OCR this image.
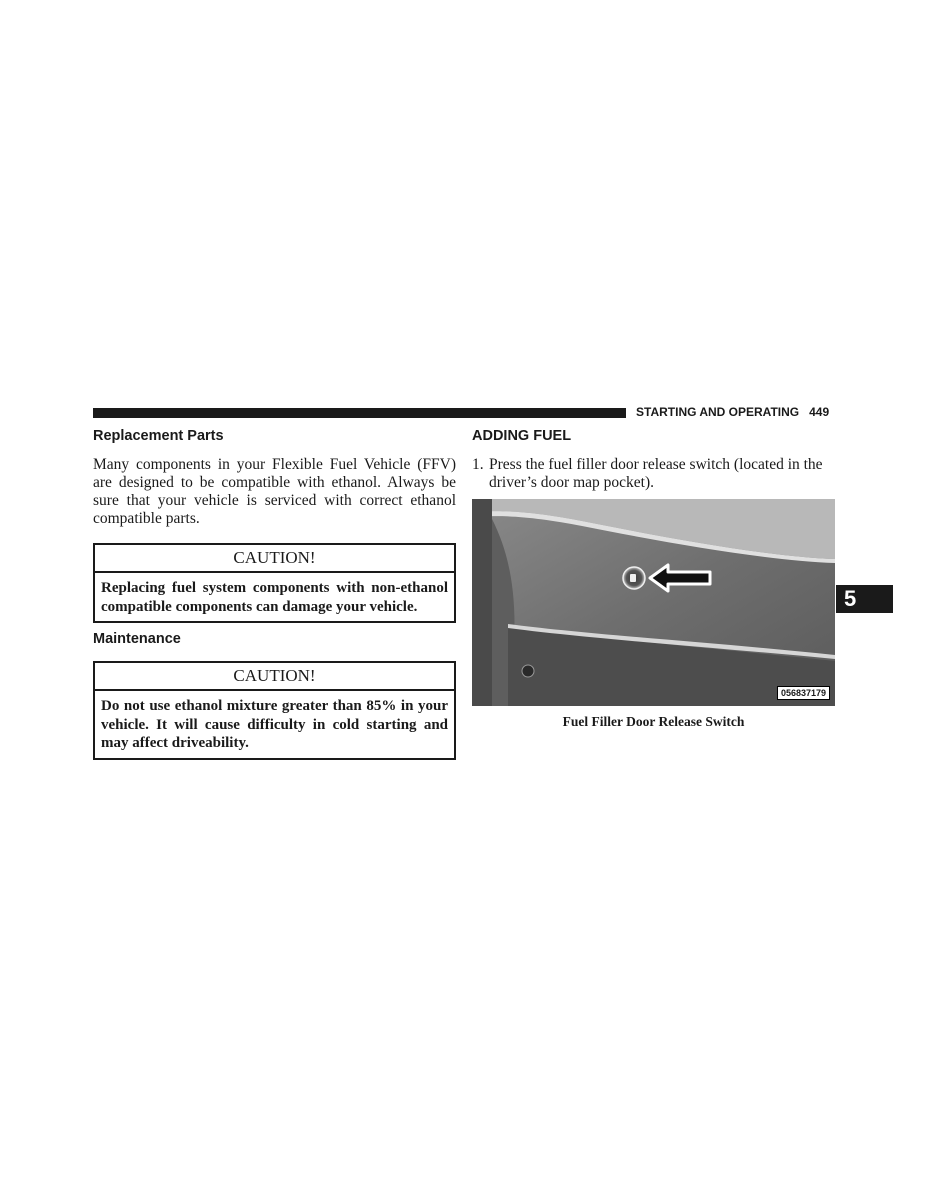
STARTING AND OPERATING 449
Replacement Parts

Many components in your Flexible Fuel Vehicle (FFV) are designed to be compatible with ethanol. Always be sure that your vehicle is serviced with correct ethanol compatible parts.

CAUTION!
Replacing fuel system components with non-ethanol compatible components can damage your vehicle.
Maintenance
CAUTION!
Do not use ethanol mixture greater than 85% in your vehicle. It will cause difficulty in cold starting and may affect driveability.
ADDING FUEL
1. Press the fuel filler door release switch (located in the driver’s door map pocket).
056837179
Fuel Filler Door Release Switch
5
